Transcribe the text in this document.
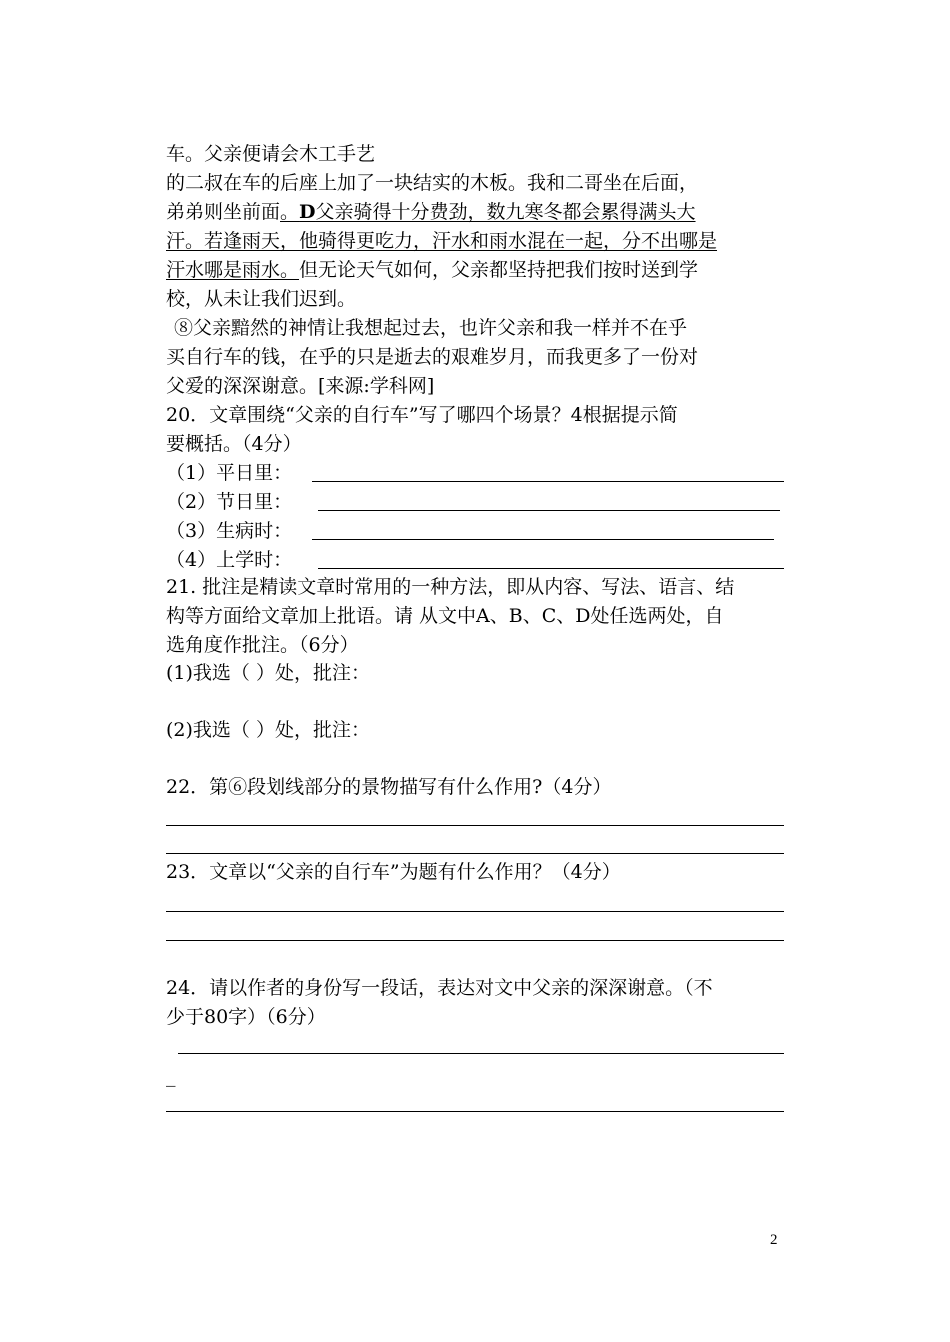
车。父亲便请会木工手艺
的二叔在车的后座上加了一块结实的木板。我和二哥坐在后面，
弟弟则坐前面。D父亲骑得十分费劲，数九寒冬都会累得满头大
汗。若逢雨天，他骑得更吃力，汗水和雨水混在一起，分不出哪是
汗水哪是雨水。但无论天气如何，父亲都坚持把我们按时送到学
校，从未让我们迟到。
⑧父亲黯然的神情让我想起过去，也许父亲和我一样并不在乎
买自行车的钱，在乎的只是逝去的艰难岁月，而我更多了一份对
父爱的深深谢意。[来源:学科网]
20．文章围绕“父亲的自行车”写了哪四个场景？4根据提示简
要概括。（4分）
（1）平日里：
（2）节日里：
（3）生病时：
（4）上学时：
21. 批注是精读文章时常用的一种方法，即从内容、写法、语言、结
构等方面给文章加上批语。请 从文中A、B、C、D处任选两处，自
选角度作批注。（6分）
(1)我选（ ）处，批注：
(2)我选（ ）处，批注：
22．第⑥段划线部分的景物描写有什么作用?（4分）
23．文章以“父亲的自行车”为题有什么作用？（4分）
24．请以作者的身份写一段话，表达对文中父亲的深深谢意。（不
少于80字）（6分）
_
2
